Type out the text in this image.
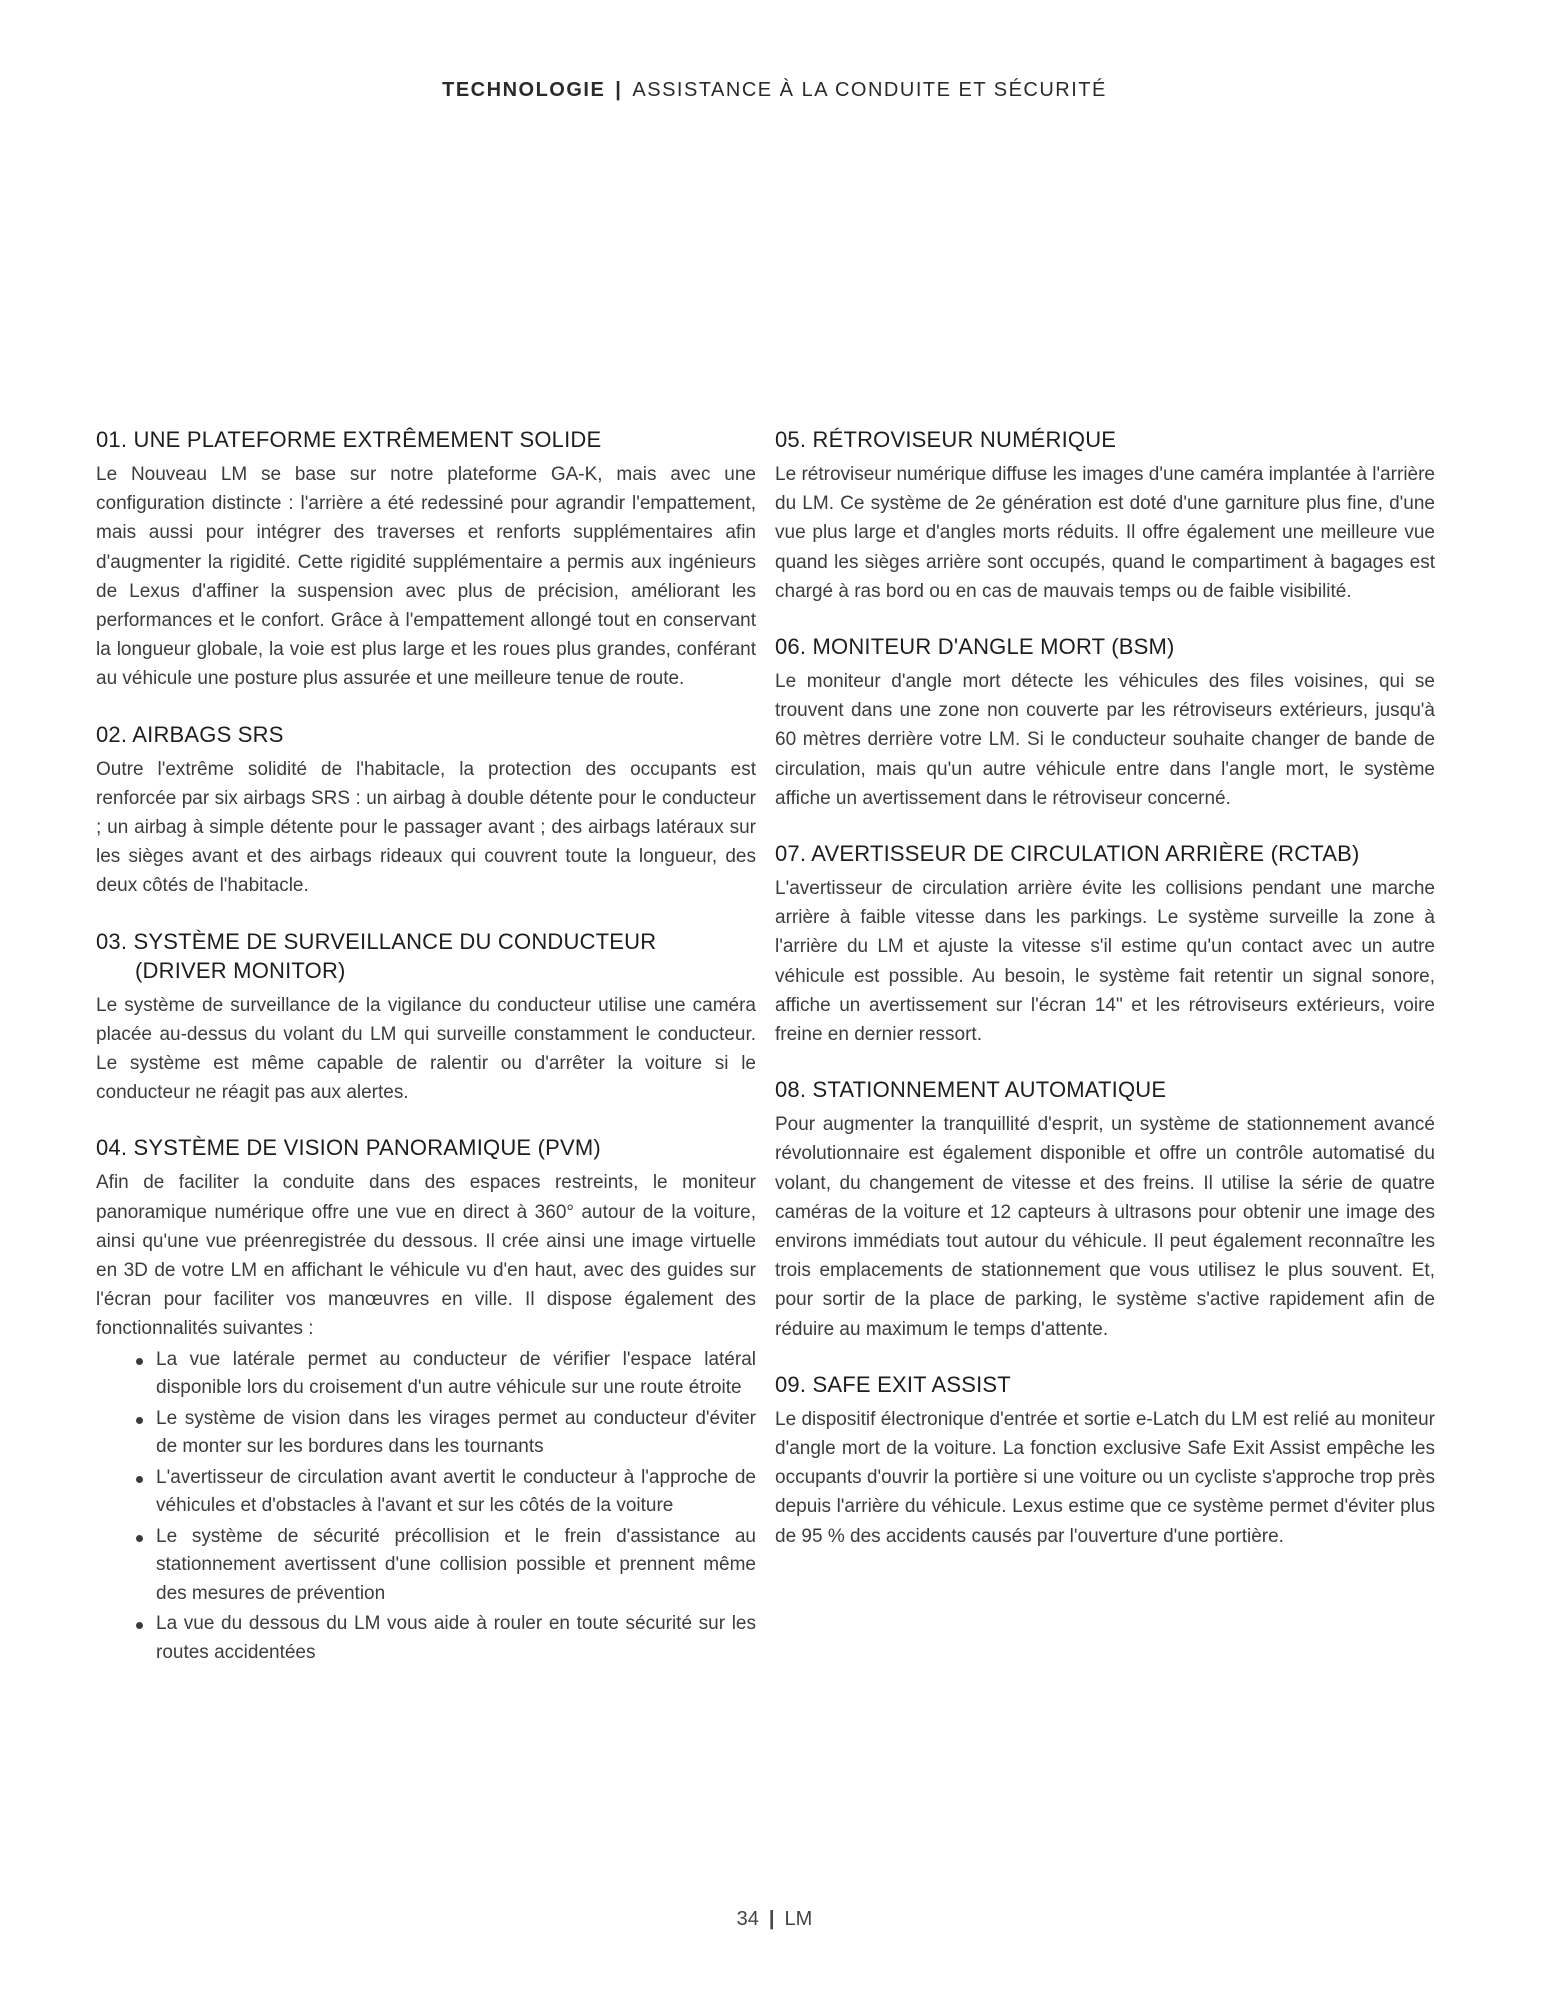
TECHNOLOGIE | ASSISTANCE À LA CONDUITE ET SÉCURITÉ
01. UNE PLATEFORME EXTRÊMEMENT SOLIDE

Le Nouveau LM se base sur notre plateforme GA-K, mais avec une configuration distincte : l'arrière a été redessiné pour agrandir l'empattement, mais aussi pour intégrer des traverses et renforts supplémentaires afin d'augmenter la rigidité. Cette rigidité supplémentaire a permis aux ingénieurs de Lexus d'affiner la suspension avec plus de précision, améliorant les performances et le confort. Grâce à l'empattement allongé tout en conservant la longueur globale, la voie est plus large et les roues plus grandes, conférant au véhicule une posture plus assurée et une meilleure tenue de route.

02. AIRBAGS SRS

Outre l'extrême solidité de l'habitacle, la protection des occupants est renforcée par six airbags SRS : un airbag à double détente pour le conducteur ; un airbag à simple détente pour le passager avant ; des airbags latéraux sur les sièges avant et des airbags rideaux qui couvrent toute la longueur, des deux côtés de l'habitacle.

03. SYSTÈME DE SURVEILLANCE DU CONDUCTEUR
(DRIVER MONITOR)

Le système de surveillance de la vigilance du conducteur utilise une caméra placée au-dessus du volant du LM qui surveille constamment le conducteur. Le système est même capable de ralentir ou d'arrêter la voiture si le conducteur ne réagit pas aux alertes.

04. SYSTÈME DE VISION PANORAMIQUE (PVM)

Afin de faciliter la conduite dans des espaces restreints, le moniteur panoramique numérique offre une vue en direct à 360° autour de la voiture, ainsi qu'une vue préenregistrée du dessous. Il crée ainsi une image virtuelle en 3D de votre LM en affichant le véhicule vu d'en haut, avec des guides sur l'écran pour faciliter vos manœuvres en ville. Il dispose également des fonctionnalités suivantes :

La vue latérale permet au conducteur de vérifier l'espace latéral disponible lors du croisement d'un autre véhicule sur une route étroite
Le système de vision dans les virages permet au conducteur d'éviter de monter sur les bordures dans les tournants
L'avertisseur de circulation avant avertit le conducteur à l'approche de véhicules et d'obstacles à l'avant et sur les côtés de la voiture
Le système de sécurité précollision et le frein d'assistance au stationnement avertissent d'une collision possible et prennent même des mesures de prévention
La vue du dessous du LM vous aide à rouler en toute sécurité sur les routes accidentées
05. RÉTROVISEUR NUMÉRIQUE

Le rétroviseur numérique diffuse les images d'une caméra implantée à l'arrière du LM. Ce système de 2e génération est doté d'une garniture plus fine, d'une vue plus large et d'angles morts réduits. Il offre également une meilleure vue quand les sièges arrière sont occupés, quand le compartiment à bagages est chargé à ras bord ou en cas de mauvais temps ou de faible visibilité.

06. MONITEUR D'ANGLE MORT (BSM)

Le moniteur d'angle mort détecte les véhicules des files voisines, qui se trouvent dans une zone non couverte par les rétroviseurs extérieurs, jusqu'à 60 mètres derrière votre LM. Si le conducteur souhaite changer de bande de circulation, mais qu'un autre véhicule entre dans l'angle mort, le système affiche un avertissement dans le rétroviseur concerné.

07. AVERTISSEUR DE CIRCULATION ARRIÈRE (RCTAB)

L'avertisseur de circulation arrière évite les collisions pendant une marche arrière à faible vitesse dans les parkings. Le système surveille la zone à l'arrière du LM et ajuste la vitesse s'il estime qu'un contact avec un autre véhicule est possible. Au besoin, le système fait retentir un signal sonore, affiche un avertissement sur l'écran 14" et les rétroviseurs extérieurs, voire freine en dernier ressort.

08. STATIONNEMENT AUTOMATIQUE

Pour augmenter la tranquillité d'esprit, un système de stationnement avancé révolutionnaire est également disponible et offre un contrôle automatisé du volant, du changement de vitesse et des freins. Il utilise la série de quatre caméras de la voiture et 12 capteurs à ultrasons pour obtenir une image des environs immédiats tout autour du véhicule. Il peut également reconnaître les trois emplacements de stationnement que vous utilisez le plus souvent. Et, pour sortir de la place de parking, le système s'active rapidement afin de réduire au maximum le temps d'attente.

09. SAFE EXIT ASSIST

Le dispositif électronique d'entrée et sortie e-Latch du LM est relié au moniteur d'angle mort de la voiture. La fonction exclusive Safe Exit Assist empêche les occupants d'ouvrir la portière si une voiture ou un cycliste s'approche trop près depuis l'arrière du véhicule. Lexus estime que ce système permet d'éviter plus de 95 % des accidents causés par l'ouverture d'une portière.

34 | LM
